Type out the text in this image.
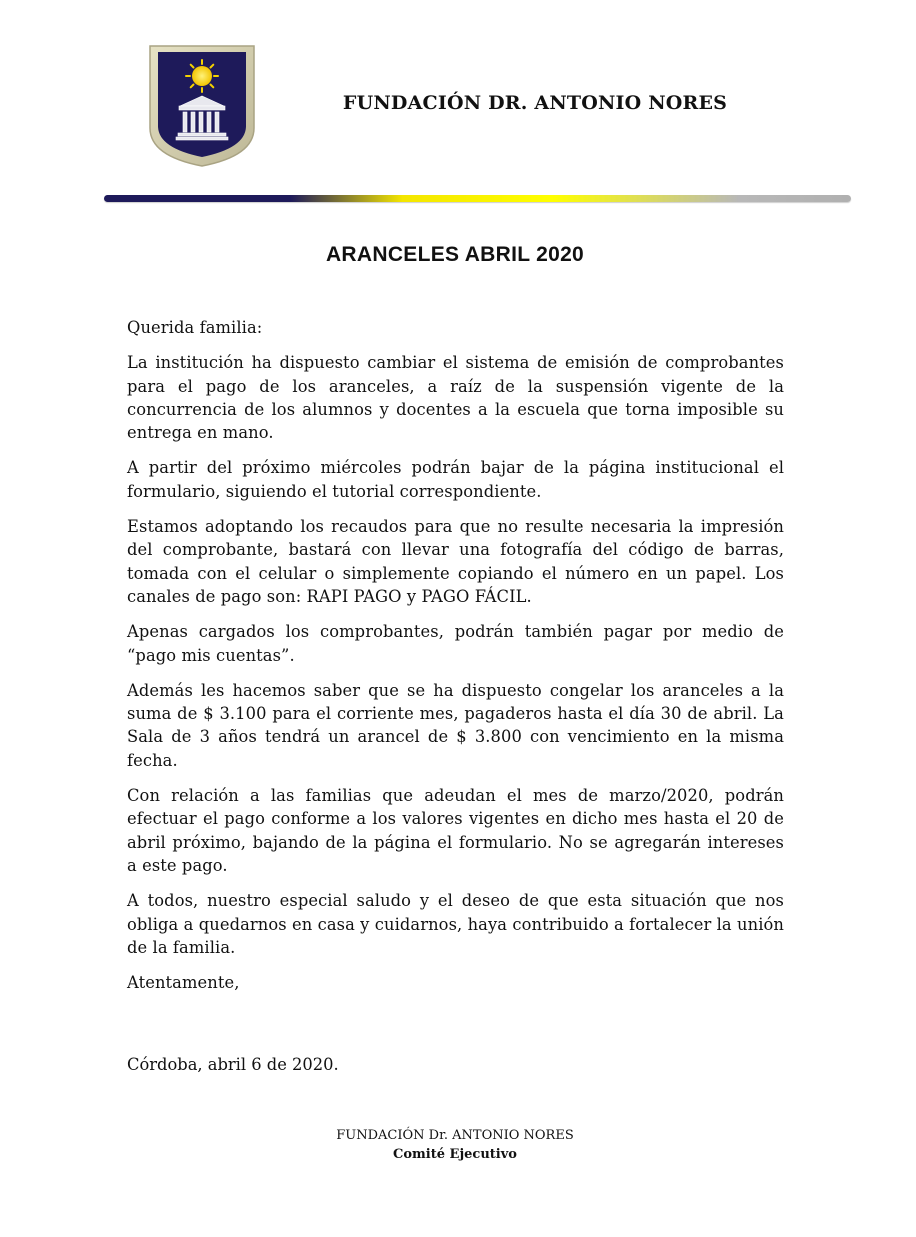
FUNDACIÓN DR. ANTONIO NORES
ARANCELES ABRIL 2020

Querida familia:

La institución ha dispuesto cambiar el sistema de emisión de comprobantes para el pago de los aranceles, a raíz de la suspensión vigente de la concurrencia de los alumnos y docentes a la escuela que torna imposible su entrega en mano.

A partir del próximo miércoles podrán bajar de la página institucional el formulario, siguiendo el tutorial correspondiente.

Estamos adoptando los recaudos para que no resulte necesaria la impresión del comprobante, bastará con llevar una fotografía del código de barras, tomada con el celular o simplemente copiando el número en un papel. Los canales de pago son: RAPI PAGO y PAGO FÁCIL.

Apenas cargados los comprobantes, podrán también pagar por medio de “pago mis cuentas”.

Además les hacemos saber que se ha dispuesto congelar los aranceles a la suma de $ 3.100 para el corriente mes, pagaderos hasta el día 30 de abril. La Sala de 3 años tendrá un arancel de $ 3.800 con vencimiento en la misma fecha.

Con relación a las familias que adeudan el mes de marzo/2020, podrán efectuar el pago conforme a los valores vigentes en dicho mes hasta el 20 de abril próximo, bajando de la página el formulario. No se agregarán intereses a este pago.

A todos, nuestro especial saludo y el deseo de que esta situación que nos obliga a quedarnos en casa y cuidarnos, haya contribuido a fortalecer la unión de la familia.

Atentamente,

Córdoba, abril 6 de 2020.
FUNDACIÓN Dr. ANTONIO NORES
Comité Ejecutivo
